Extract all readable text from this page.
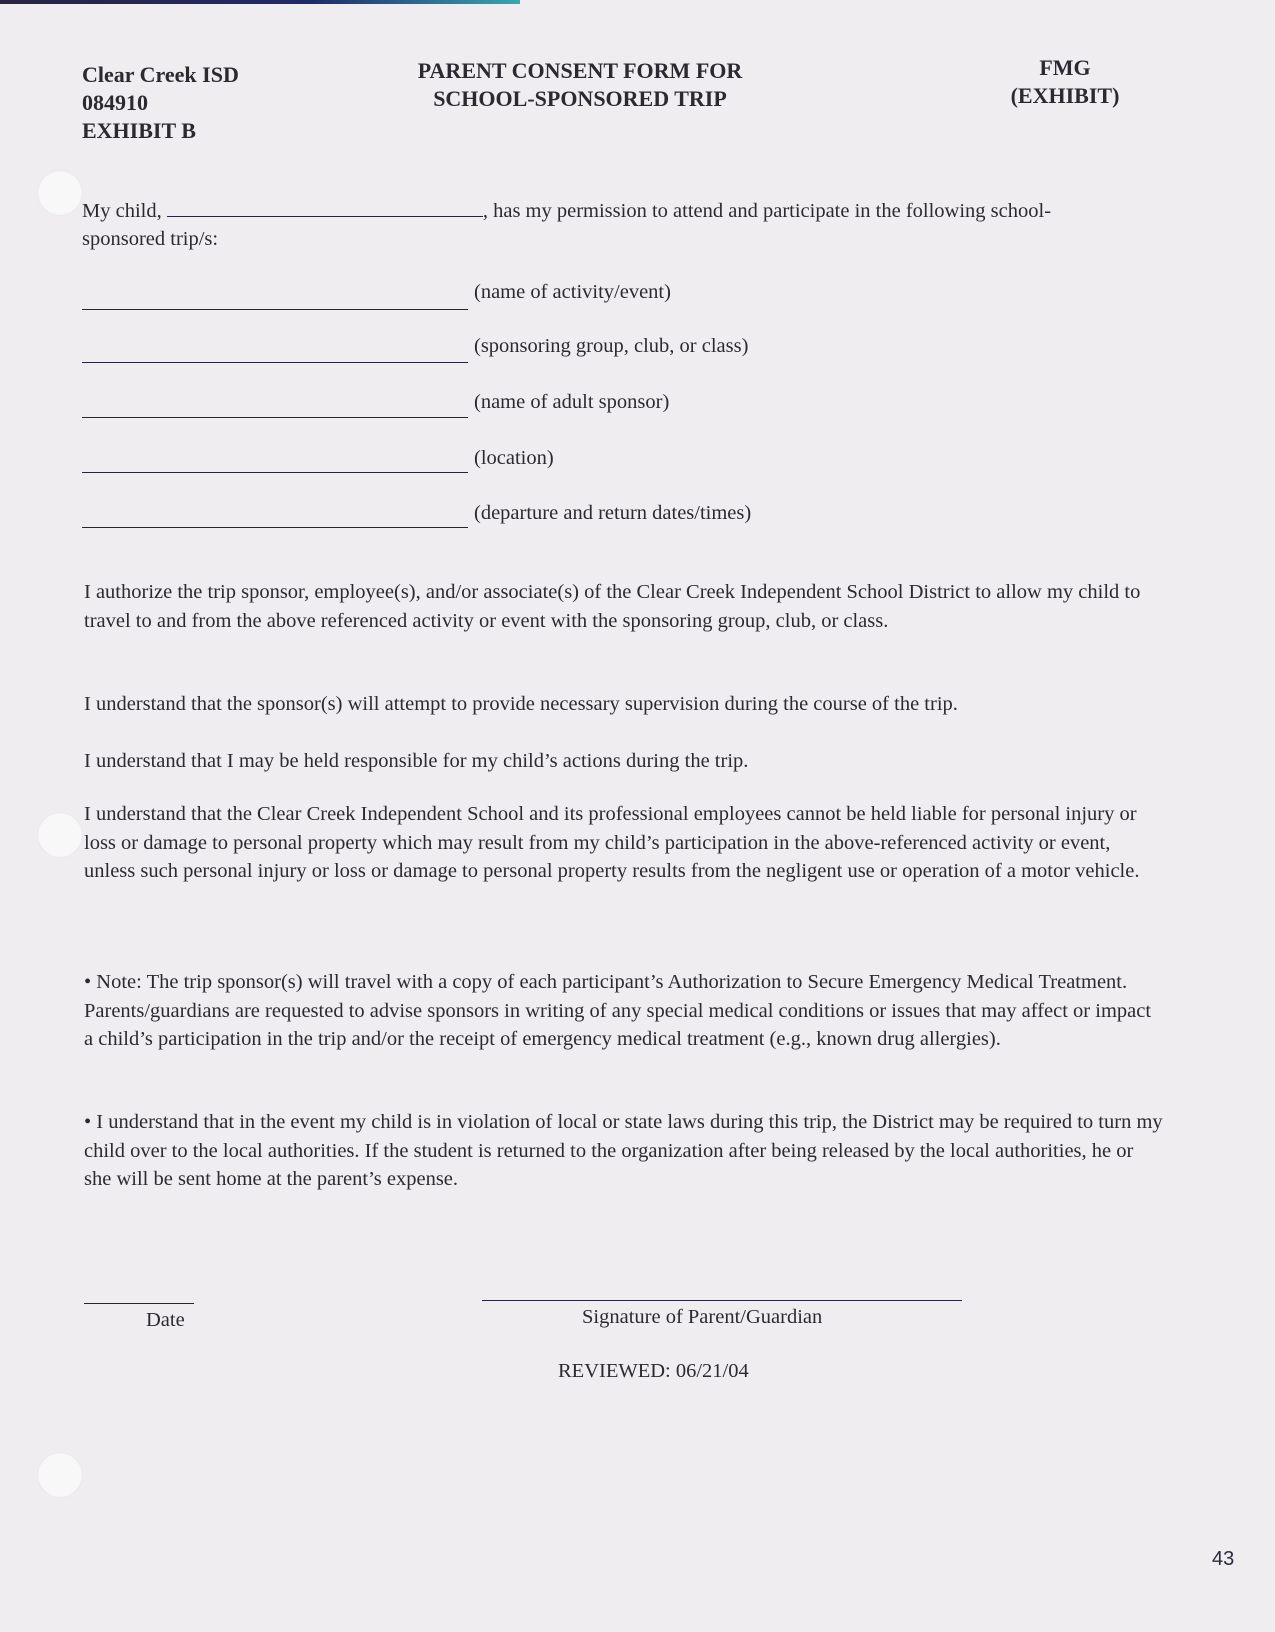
Clear Creek ISD
084910
EXHIBIT B
PARENT CONSENT FORM FOR
SCHOOL-SPONSORED TRIP
FMG
(EXHIBIT)
My child,	, has my permission to attend and participate in the following school-
sponsored trip/s:
(name of activity/event)
(sponsoring group, club, or class)
(name of adult sponsor)
(location)
(departure and return dates/times)
I authorize the trip sponsor, employee(s), and/or associate(s) of the Clear Creek Independent School District to allow my child to travel to and from the above referenced activity or event with the sponsoring group, club, or class.
I understand that the sponsor(s) will attempt to provide necessary supervision during the course of the trip.
I understand that I may be held responsible for my child’s actions during the trip.
I understand that the Clear Creek Independent School and its professional employees cannot be held liable for personal injury or loss or damage to personal property which may result from my child’s participation in the above-referenced activity or event, unless such personal injury or loss or damage to personal property results from the negligent use or operation of a motor vehicle.
• Note: The trip sponsor(s) will travel with a copy of each participant’s Authorization to Secure Emergency Medical Treatment. Parents/guardians are requested to advise sponsors in writing of any special medical conditions or issues that may affect or impact a child’s participation in the trip and/or the receipt of emergency medical treatment (e.g., known drug allergies).
• I understand that in the event my child is in violation of local or state laws during this trip, the District may be required to turn my child over to the local authorities. If the student is returned to the organization after being released by the local authorities, he or she will be sent home at the parent’s expense.
Date	Signature of Parent/Guardian
REVIEWED: 06/21/04
43
